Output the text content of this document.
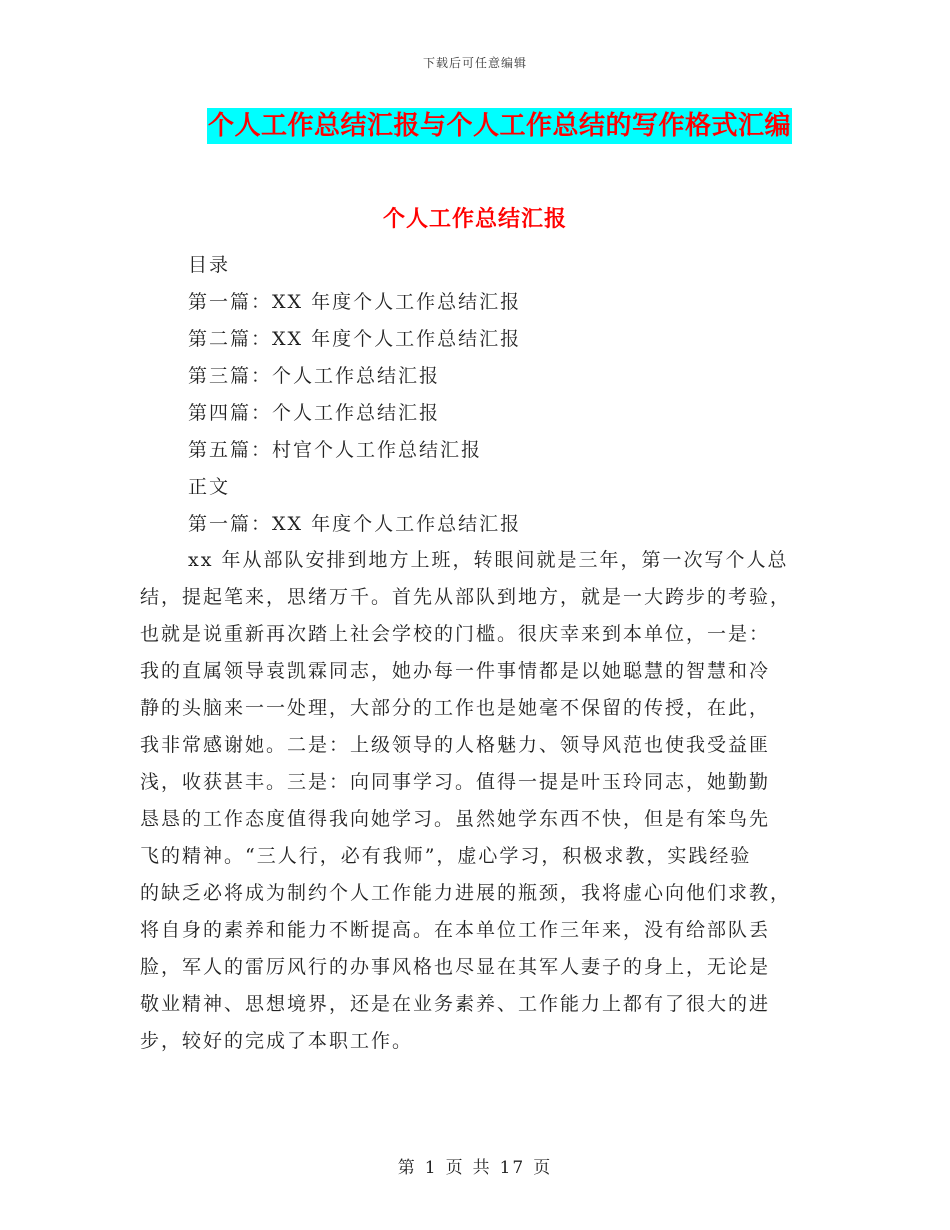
下载后可任意编辑
个人工作总结汇报与个人工作总结的写作格式汇编
个人工作总结汇报
目录
第一篇：XX 年度个人工作总结汇报
第二篇：XX 年度个人工作总结汇报
第三篇：个人工作总结汇报
第四篇：个人工作总结汇报
第五篇：村官个人工作总结汇报
正文
第一篇：XX 年度个人工作总结汇报
xx 年从部队安排到地方上班，转眼间就是三年，第一次写个人总
结，提起笔来，思绪万千。首先从部队到地方，就是一大跨步的考验，
也就是说重新再次踏上社会学校的门槛。很庆幸来到本单位，一是：
我的直属领导袁凯霖同志，她办每一件事情都是以她聪慧的智慧和冷
静的头脑来一一处理，大部分的工作也是她毫不保留的传授，在此，
我非常感谢她。二是：上级领导的人格魅力、领导风范也使我受益匪
浅，收获甚丰。三是：向同事学习。值得一提是叶玉玲同志，她勤勤
恳恳的工作态度值得我向她学习。虽然她学东西不快，但是有笨鸟先
飞的精神。“三人行，必有我师”，虚心学习，积极求教，实践经验
的缺乏必将成为制约个人工作能力进展的瓶颈，我将虚心向他们求教，
将自身的素养和能力不断提高。在本单位工作三年来，没有给部队丢
脸，军人的雷厉风行的办事风格也尽显在其军人妻子的身上，无论是
敬业精神、思想境界，还是在业务素养、工作能力上都有了很大的进
步，较好的完成了本职工作。
第 1 页 共 17 页
